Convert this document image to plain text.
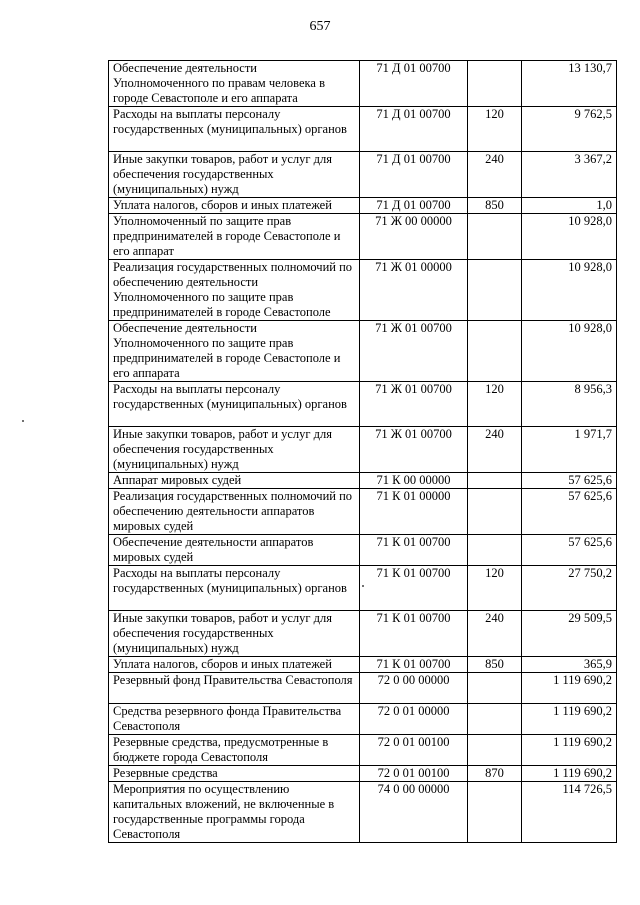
657
Обеспечение деятельности Уполномоченного по правам человека в городе Севастополе и его аппарата	71 Д 01 00700		13 130,7
Расходы на выплаты персоналу государственных (муниципальных) органов	71 Д 01 00700	120	9 762,5
Иные закупки товаров, работ и услуг для обеспечения государственных (муниципальных) нужд	71 Д 01 00700	240	3 367,2
Уплата налогов, сборов и иных платежей	71 Д 01 00700	850	1,0
Уполномоченный по защите прав предпринимателей в городе Севастополе и его аппарат	71 Ж 00 00000		10 928,0
Реализация государственных полномочий по обеспечению деятельности Уполномоченного по защите прав предпринимателей в городе Севастополе	71 Ж 01 00000		10 928,0
Обеспечение деятельности Уполномоченного по защите прав предпринимателей в городе Севастополе и его аппарата	71 Ж 01 00700		10 928,0
Расходы на выплаты персоналу государственных (муниципальных) органов	71 Ж 01 00700	120	8 956,3
Иные закупки товаров, работ и услуг для обеспечения государственных (муниципальных) нужд	71 Ж 01 00700	240	1 971,7
Аппарат мировых судей	71 К 00 00000		57 625,6
Реализация государственных полномочий по обеспечению деятельности аппаратов мировых судей	71 К 01 00000		57 625,6
Обеспечение деятельности аппаратов мировых судей	71 К 01 00700		57 625,6
Расходы на выплаты персоналу государственных (муниципальных) органов	71 К 01 00700	120	27 750,2
Иные закупки товаров, работ и услуг для обеспечения государственных (муниципальных) нужд	71 К 01 00700	240	29 509,5
Уплата налогов, сборов и иных платежей	71 К 01 00700	850	365,9
Резервный фонд Правительства Севастополя	72 0 00 00000		1 119 690,2
Средства резервного фонда Правительства Севастополя	72 0 01 00000		1 119 690,2
Резервные средства, предусмотренные в бюджете города Севастополя	72 0 01 00100		1 119 690,2
Резервные средства	72 0 01 00100	870	1 119 690,2
Мероприятия по осуществлению капитальных вложений, не включенные в государственные программы города Севастополя	74 0 00 00000		114 726,5
